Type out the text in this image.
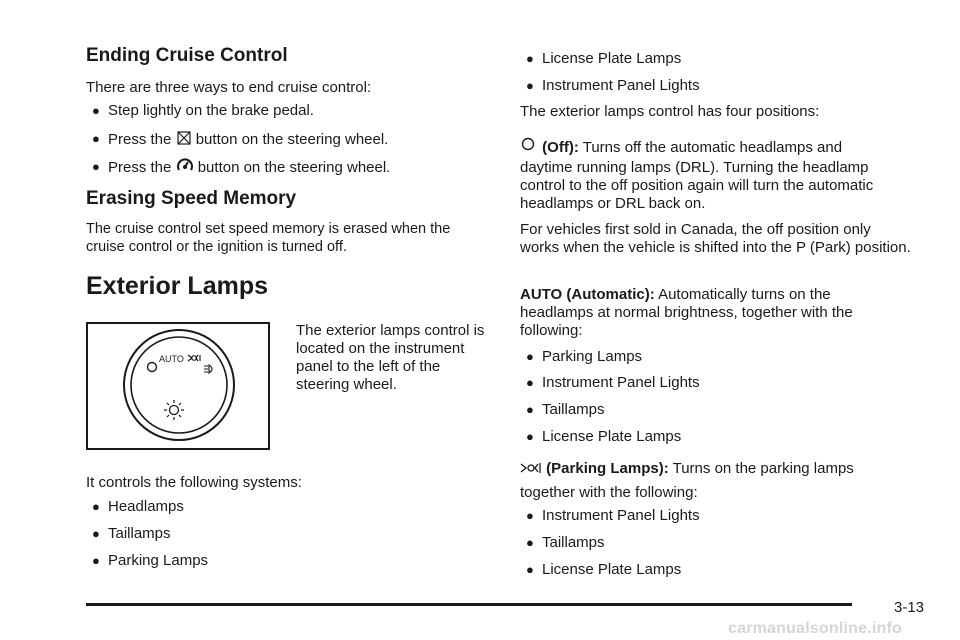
Ending Cruise Control

There are three ways to end cruise control:

● Step lightly on the brake pedal.
● Press the button on the steering wheel.
● Press the button on the steering wheel.
Erasing Speed Memory

The cruise control set speed memory is erased when the cruise control or the ignition is turned off.

Exterior Lamps

The exterior lamps control is located on the instrument panel to the left of the steering wheel.

It controls the following systems:

● Headlamps
● Taillamps
● Parking Lamps
AUTO
● License Plate Lamps
● Instrument Panel Lights

The exterior lamps control has four positions:

(Off): Turns off the automatic headlamps and

daytime running lamps (DRL). Turning the headlamp control to the off position again will turn the automatic headlamps or DRL back on.

For vehicles first sold in Canada, the off position only works when the vehicle is shifted into the P (Park) position.

AUTO (Automatic): Automatically turns on the

headlamps at normal brightness, together with the following:

● Parking Lamps
● Instrument Panel Lights
● Taillamps
● License Plate Lamps
(Parking Lamps): Turns on the parking lamps

together with the following:

● Instrument Panel Lights
● Taillamps
● License Plate Lamps
3-13
carmanualsonline.info
